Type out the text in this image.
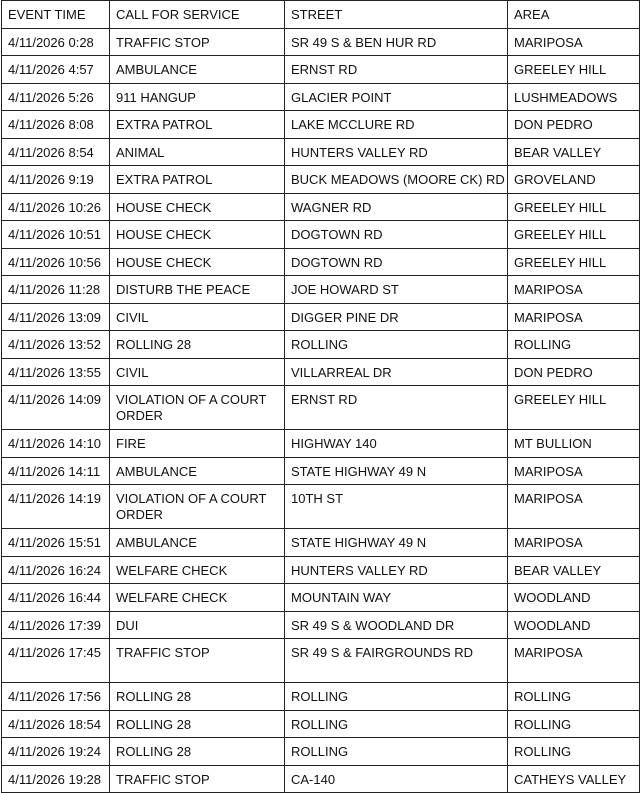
EVENT TIME	CALL FOR SERVICE	STREET	AREA
4/11/2026 0:28	TRAFFIC STOP	SR 49 S & BEN HUR RD	MARIPOSA
4/11/2026 4:57	AMBULANCE	ERNST RD	GREELEY HILL
4/11/2026 5:26	911 HANGUP	GLACIER POINT	LUSHMEADOWS
4/11/2026 8:08	EXTRA PATROL	LAKE MCCLURE RD	DON PEDRO
4/11/2026 8:54	ANIMAL	HUNTERS VALLEY RD	BEAR VALLEY
4/11/2026 9:19	EXTRA PATROL	BUCK MEADOWS (MOORE CK) RD	GROVELAND
4/11/2026 10:26	HOUSE CHECK	WAGNER RD	GREELEY HILL
4/11/2026 10:51	HOUSE CHECK	DOGTOWN RD	GREELEY HILL
4/11/2026 10:56	HOUSE CHECK	DOGTOWN RD	GREELEY HILL
4/11/2026 11:28	DISTURB THE PEACE	JOE HOWARD ST	MARIPOSA
4/11/2026 13:09	CIVIL	DIGGER PINE DR	MARIPOSA
4/11/2026 13:52	ROLLING 28	ROLLING	ROLLING
4/11/2026 13:55	CIVIL	VILLARREAL DR	DON PEDRO
4/11/2026 14:09	VIOLATION OF A COURT ORDER	ERNST RD	GREELEY HILL
4/11/2026 14:10	FIRE	HIGHWAY 140	MT BULLION
4/11/2026 14:11	AMBULANCE	STATE HIGHWAY 49 N	MARIPOSA
4/11/2026 14:19	VIOLATION OF A COURT ORDER	10TH ST	MARIPOSA
4/11/2026 15:51	AMBULANCE	STATE HIGHWAY 49 N	MARIPOSA
4/11/2026 16:24	WELFARE CHECK	HUNTERS VALLEY RD	BEAR VALLEY
4/11/2026 16:44	WELFARE CHECK	MOUNTAIN WAY	WOODLAND
4/11/2026 17:39	DUI	SR 49 S & WOODLAND DR	WOODLAND
4/11/2026 17:45	TRAFFIC STOP	SR 49 S & FAIRGROUNDS RD	MARIPOSA
4/11/2026 17:56	ROLLING 28	ROLLING	ROLLING
4/11/2026 18:54	ROLLING 28	ROLLING	ROLLING
4/11/2026 19:24	ROLLING 28	ROLLING	ROLLING
4/11/2026 19:28	TRAFFIC STOP	CA-140	CATHEYS VALLEY
